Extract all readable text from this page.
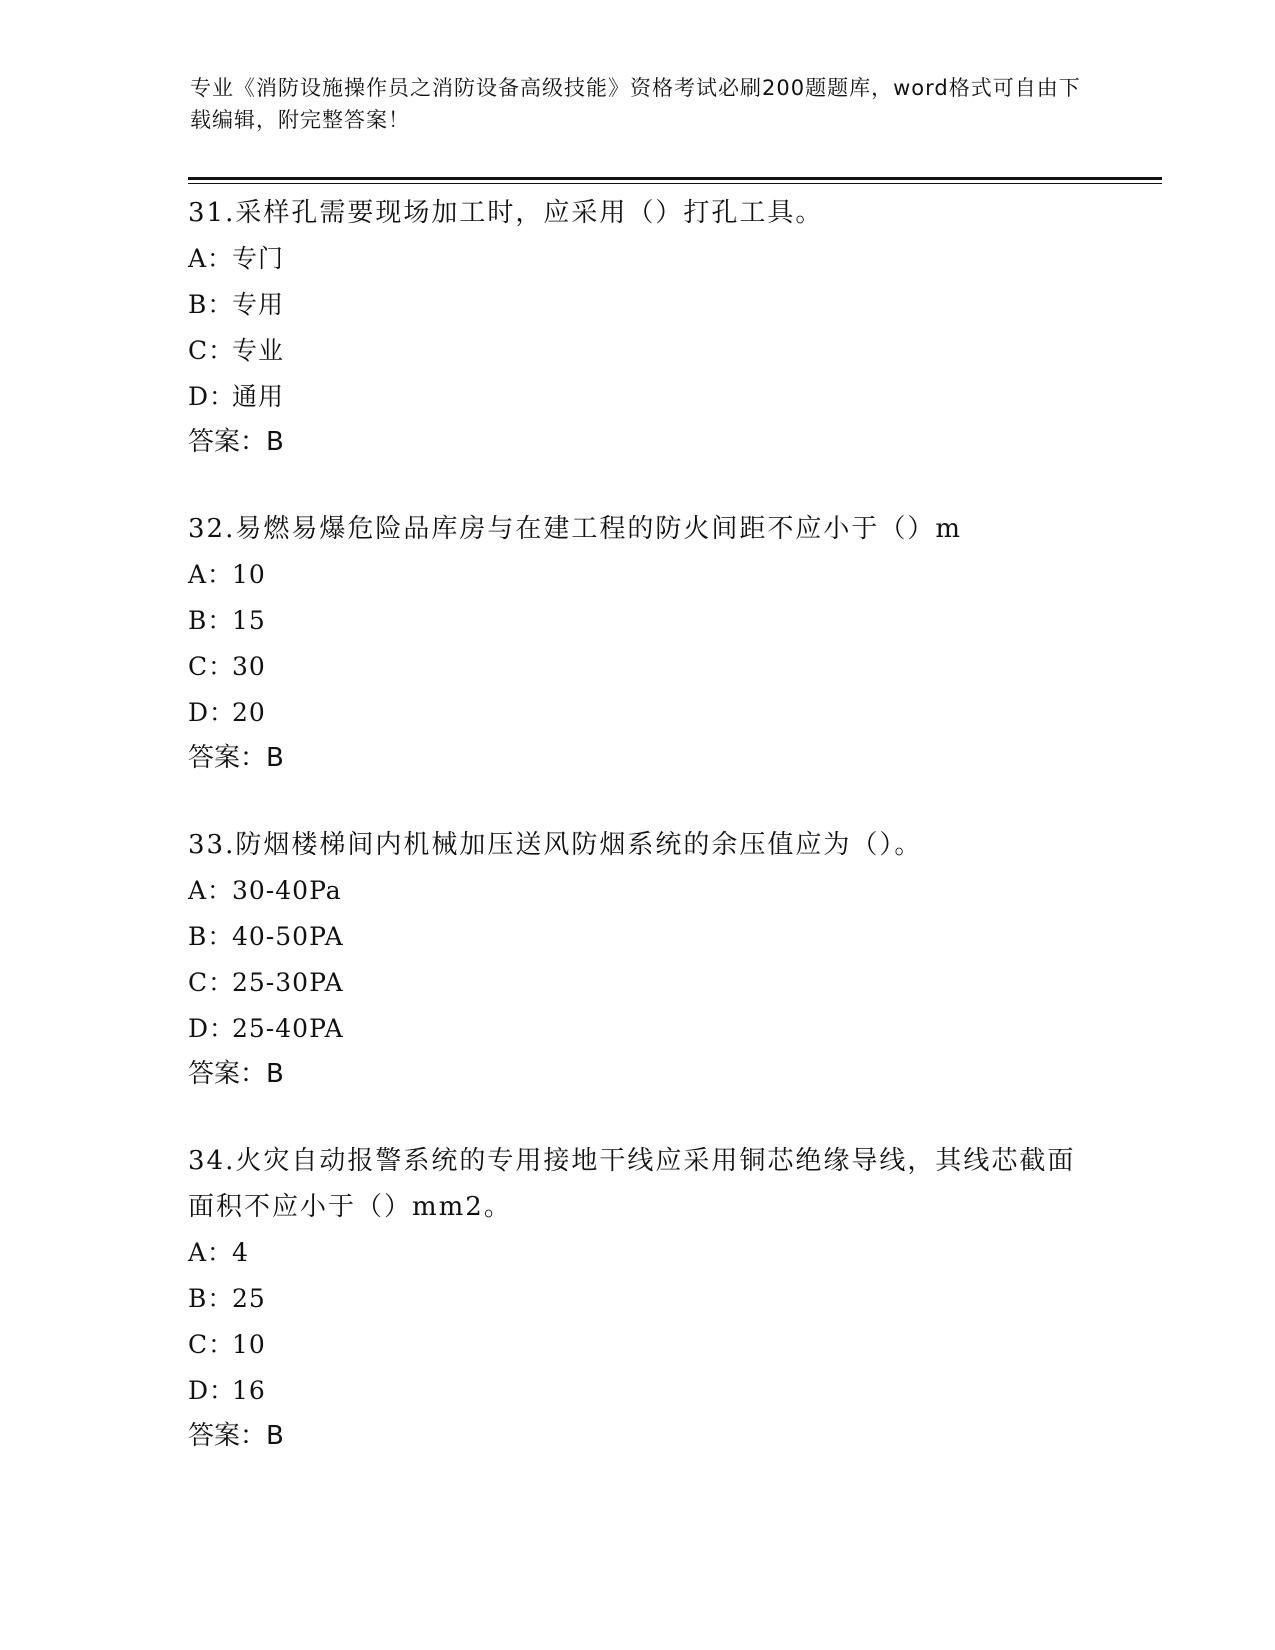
专业《消防设施操作员之消防设备高级技能》资格考试必刷200题题库，word格式可自由下载编辑，附完整答案！
31.采样孔需要现场加工时，应采用（）打孔工具。
A：专门
B：专用
C：专业
D：通用
答案：B
32.易燃易爆危险品库房与在建工程的防火间距不应小于（）m
A：10
B：15
C：30
D：20
答案：B
33.防烟楼梯间内机械加压送风防烟系统的余压值应为（）。
A：30-40Pa
B：40-50PA
C：25-30PA
D：25-40PA
答案：B
34.火灾自动报警系统的专用接地干线应采用铜芯绝缘导线，其线芯截面面积不应小于（）mm2。
A：4
B：25
C：10
D：16
答案：B
